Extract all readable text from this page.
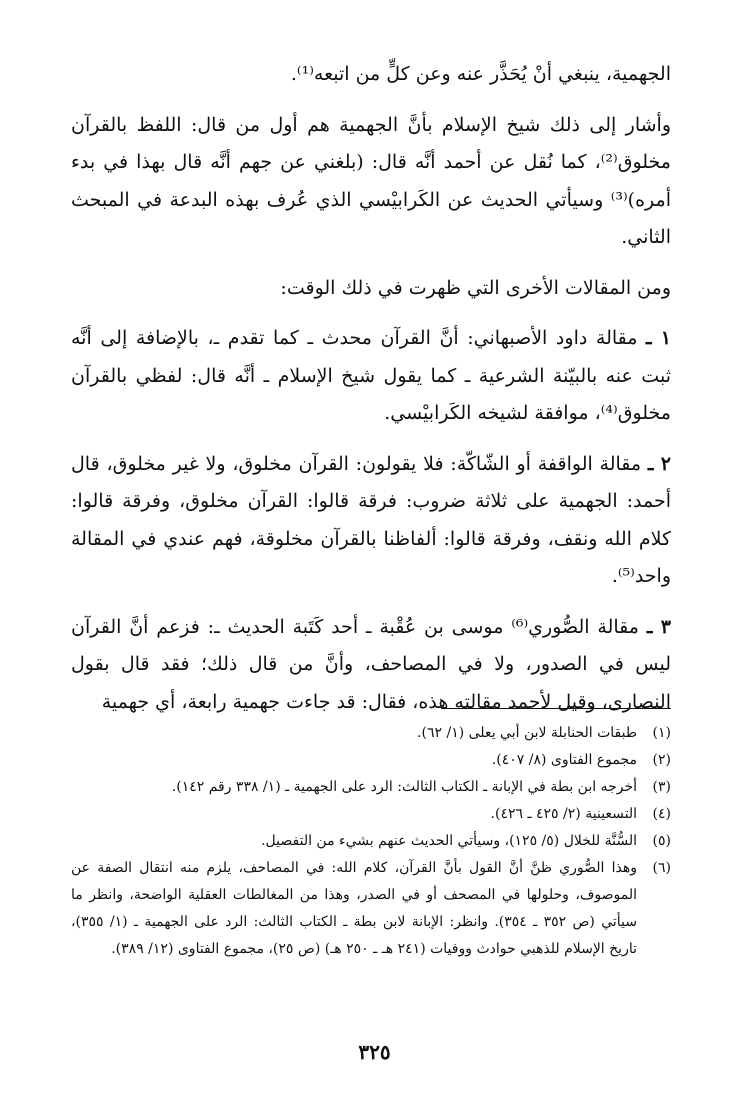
الجهمية، ينبغي أنْ يُحَذَّر عنه وعن كلٍّ من اتبعه⁽¹⁾.

وأشار إلى ذلك شيخ الإسلام بأنَّ الجهمية هم أول من قال: اللفظ بالقرآن مخلوق⁽²⁾، كما نُقل عن أحمد أنَّه قال: (بلغني عن جهم أنَّه قال بهذا في بدء أمره)⁽³⁾ وسيأتي الحديث عن الكَرابيْسي الذي عُرف بهذه البدعة في المبحث الثاني.

ومن المقالات الأخرى التي ظهرت في ذلك الوقت:

١ ـ مقالة داود الأصبهاني: أنَّ القرآن محدث ـ كما تقدم ـ، بالإضافة إلى أنَّه ثبت عنه بالبيّنة الشرعية ـ كما يقول شيخ الإسلام ـ أنَّه قال: لفظي بالقرآن مخلوق⁽⁴⁾، موافقة لشيخه الكَرابيْسي.

٢ ـ مقالة الواقفة أو الشّاكّة: فلا يقولون: القرآن مخلوق، ولا غير مخلوق، قال أحمد: الجهمية على ثلاثة ضروب: فرقة قالوا: القرآن مخلوق، وفرقة قالوا: كلام الله ونقف، وفرقة قالوا: ألفاظنا بالقرآن مخلوقة، فهم عندي في المقالة واحد⁽⁵⁾.

٣ ـ مقالة الصُّوري⁽⁶⁾ موسى بن عُقْبة ـ أحد كَتَبة الحديث ـ: فزعم أنَّ القرآن ليس في الصدور، ولا في المصاحف، وأنَّ من قال ذلك؛ فقد قال بقول النصارى، وقيل لأحمد مقالته هذه، فقال: قد جاءت جهمية رابعة، أي جهمية

(١)
طبقات الحنابلة لابن أبي يعلى (١/ ٦٢).
(٢)
مجموع الفتاوى (٨/ ٤٠٧).
(٣)
أخرجه ابن بطة في الإبانة ـ الكتاب الثالث: الرد على الجهمية ـ (١/ ٣٣٨ رقم ١٤٢).
(٤)
التسعينية (٢/ ٤٢٥ ـ ٤٢٦).
(٥)
السُّنَّة للخلال (٥/ ١٢٥)، وسيأتي الحديث عنهم بشيء من التفصيل.
(٦)
وهذا الصُّوري ظنَّ أنَّ القول بأنَّ القرآن، كلام الله: في المصاحف، يلزم منه انتقال الصفة عن الموصوف، وحلولها في المصحف أو في الصدر، وهذا من المغالطات العقلية الواضحة، وانظر ما سيأتي (ص ٣٥٢ ـ ٣٥٤). وانظر: الإبانة لابن بطة ـ الكتاب الثالث: الرد على الجهمية ـ (١/ ٣٥٥)، تاريخ الإسلام للذهبي حوادث ووفيات (٢٤١ هـ ـ ٢٥٠ هـ) (ص ٢٥)، مجموع الفتاوى (١٢/ ٣٨٩).
٣٢٥
